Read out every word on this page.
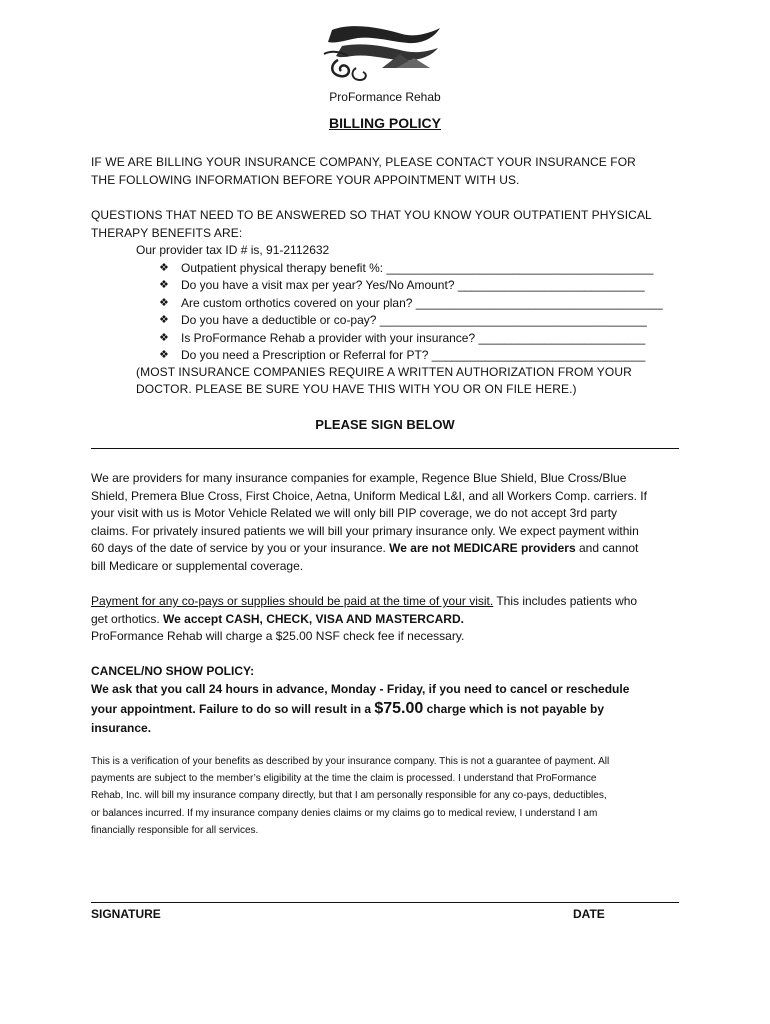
ProFormance Rehab
BILLING POLICY
IF WE ARE BILLING YOUR INSURANCE COMPANY, PLEASE CONTACT YOUR INSURANCE FOR
THE FOLLOWING INFORMATION BEFORE YOUR APPOINTMENT WITH US.
QUESTIONS THAT NEED TO BE ANSWERED SO THAT YOU KNOW YOUR OUTPATIENT PHYSICAL
THERAPY BENEFITS ARE:
Our provider tax ID # is, 91-2112632
❖	Outpatient physical therapy benefit %: ________________________________________
❖	Do you have a visit max per year? Yes/No Amount? ____________________________
❖	Are custom orthotics covered on your plan? _____________________________________
❖	Do you have a deductible or co-pay? ________________________________________
❖	Is ProFormance Rehab a provider with your insurance? _________________________
❖	Do you need a Prescription or Referral for PT? ________________________________
(MOST INSURANCE COMPANIES REQUIRE A WRITTEN AUTHORIZATION FROM YOUR
DOCTOR. PLEASE BE SURE YOU HAVE THIS WITH YOU OR ON FILE HERE.)
PLEASE SIGN BELOW
We are providers for many insurance companies for example, Regence Blue Shield, Blue Cross/Blue
Shield, Premera Blue Cross, First Choice, Aetna, Uniform Medical L&I, and all Workers Comp. carriers. If
your visit with us is Motor Vehicle Related we will only bill PIP coverage, we do not accept 3rd party
claims. For privately insured patients we will bill your primary insurance only. We expect payment within
60 days of the date of service by you or your insurance. We are not MEDICARE providers and cannot
bill Medicare or supplemental coverage.
Payment for any co-pays or supplies should be paid at the time of your visit. This includes patients who
get orthotics. We accept CASH, CHECK, VISA AND MASTERCARD.
ProFormance Rehab will charge a $25.00 NSF check fee if necessary.
CANCEL/NO SHOW POLICY:
We ask that you call 24 hours in advance, Monday - Friday, if you need to cancel or reschedule
your appointment. Failure to do so will result in a $75.00 charge which is not payable by
insurance.
This is a verification of your benefits as described by your insurance company. This is not a guarantee of payment. All
payments are subject to the member’s eligibility at the time the claim is processed. I understand that ProFormance
Rehab, Inc. will bill my insurance company directly, but that I am personally responsible for any co-pays, deductibles,
or balances incurred. If my insurance company denies claims or my claims go to medical review, I understand I am
financially responsible for all services.
SIGNATURE	DATE
